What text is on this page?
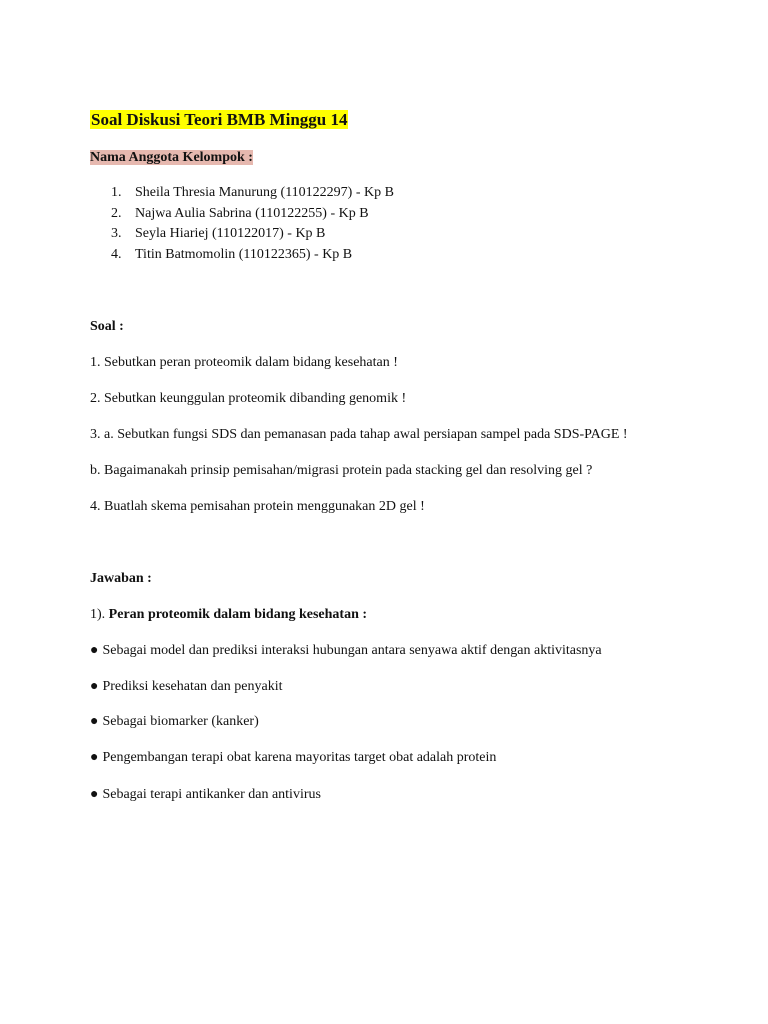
Soal Diskusi Teori BMB Minggu 14
Nama Anggota Kelompok :
1. Sheila Thresia Manurung (110122297) - Kp B
2. Najwa Aulia Sabrina (110122255) - Kp B
3. Seyla Hiariej (110122017) - Kp B
4. Titin Batmomolin (110122365) - Kp B
Soal :
1. Sebutkan peran proteomik dalam bidang kesehatan !
2. Sebutkan keunggulan proteomik dibanding genomik !
3. a. Sebutkan fungsi SDS dan pemanasan pada tahap awal persiapan sampel pada SDS-PAGE !
b. Bagaimanakah prinsip pemisahan/migrasi protein pada stacking gel dan resolving gel ?
4. Buatlah skema pemisahan protein menggunakan 2D gel !
Jawaban :
1). Peran proteomik dalam bidang kesehatan :
● Sebagai model dan prediksi interaksi hubungan antara senyawa aktif dengan aktivitasnya
● Prediksi kesehatan dan penyakit
● Sebagai biomarker (kanker)
● Pengembangan terapi obat karena mayoritas target obat adalah protein
● Sebagai terapi antikanker dan antivirus
